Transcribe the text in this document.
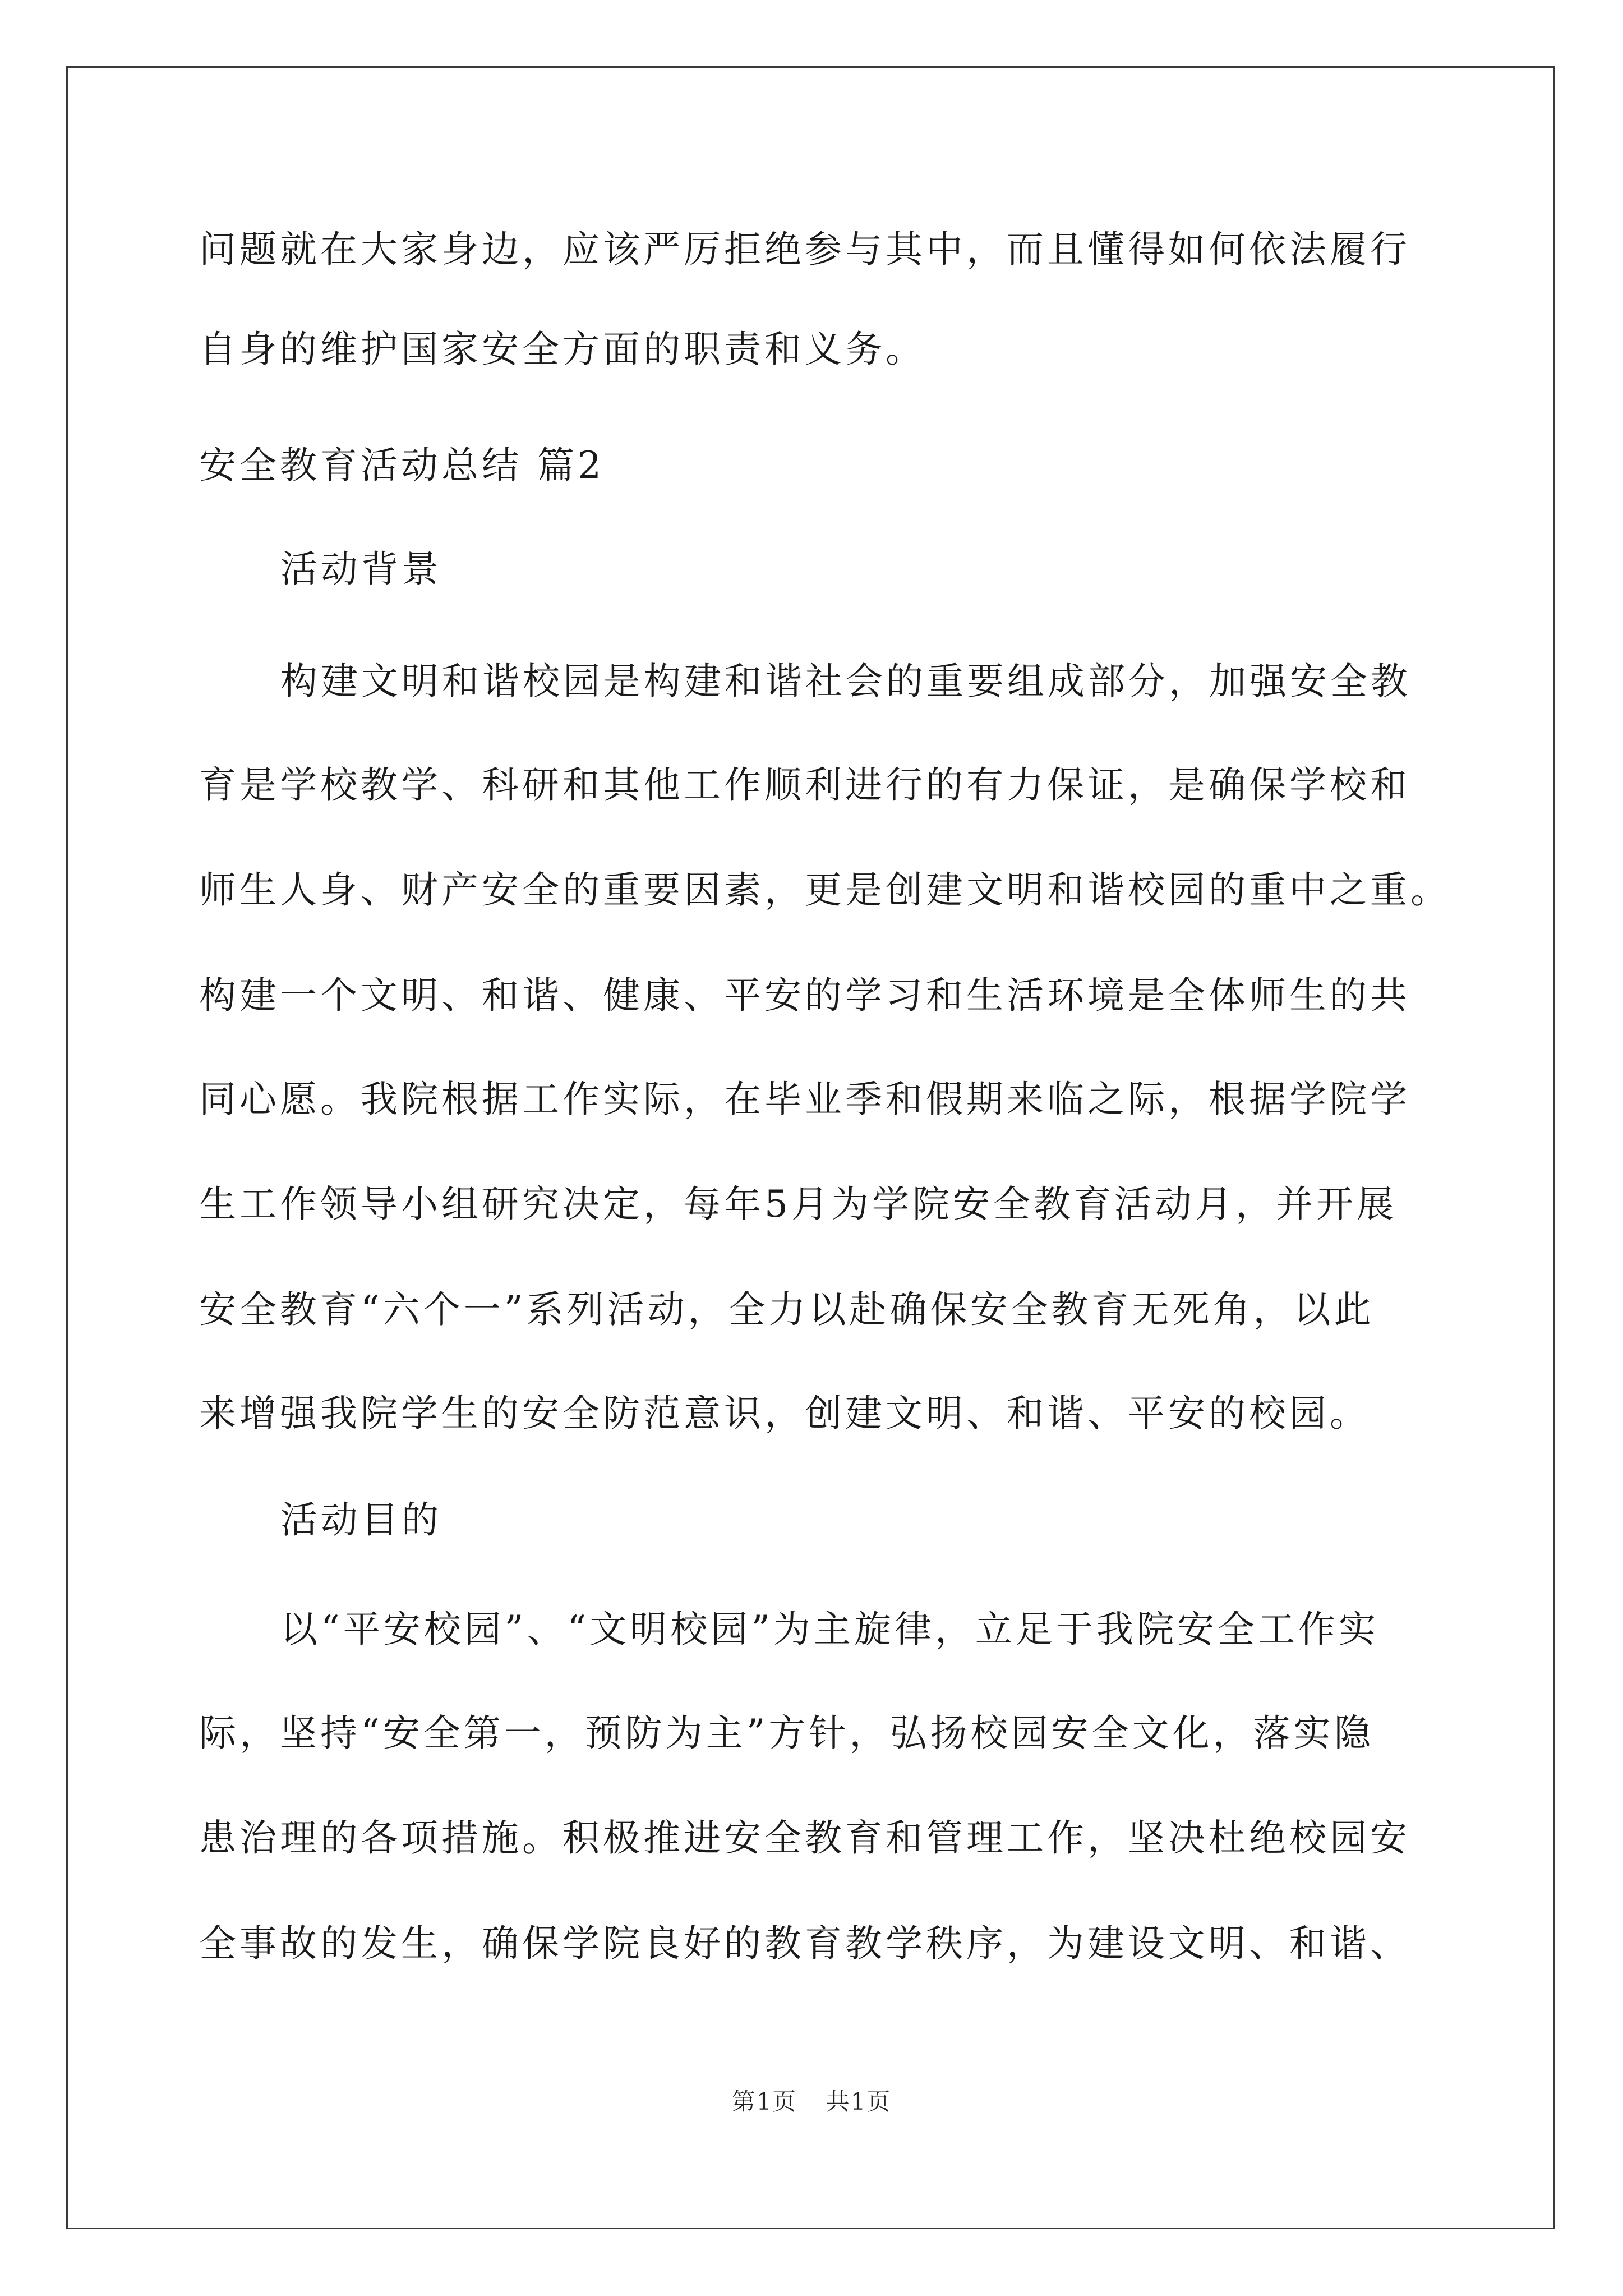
问题就在大家身边，应该严厉拒绝参与其中，而且懂得如何依法履行
自身的维护国家安全方面的职责和义务。
安全教育活动总结 篇2
活动背景
构建文明和谐校园是构建和谐社会的重要组成部分，加强安全教
育是学校教学、科研和其他工作顺利进行的有力保证，是确保学校和
师生人身、财产安全的重要因素，更是创建文明和谐校园的重中之重。
构建一个文明、和谐、健康、平安的学习和生活环境是全体师生的共
同心愿。我院根据工作实际，在毕业季和假期来临之际，根据学院学
生工作领导小组研究决定，每年5月为学院安全教育活动月，并开展
安全教育“六个一”系列活动，全力以赴确保安全教育无死角，以此
来增强我院学生的安全防范意识，创建文明、和谐、平安的校园。
活动目的
以“平安校园”、“文明校园”为主旋律，立足于我院安全工作实
际，坚持“安全第一，预防为主”方针，弘扬校园安全文化，落实隐
患治理的各项措施。积极推进安全教育和管理工作，坚决杜绝校园安
全事故的发生，确保学院良好的教育教学秩序，为建设文明、和谐、
第1页 共1页
